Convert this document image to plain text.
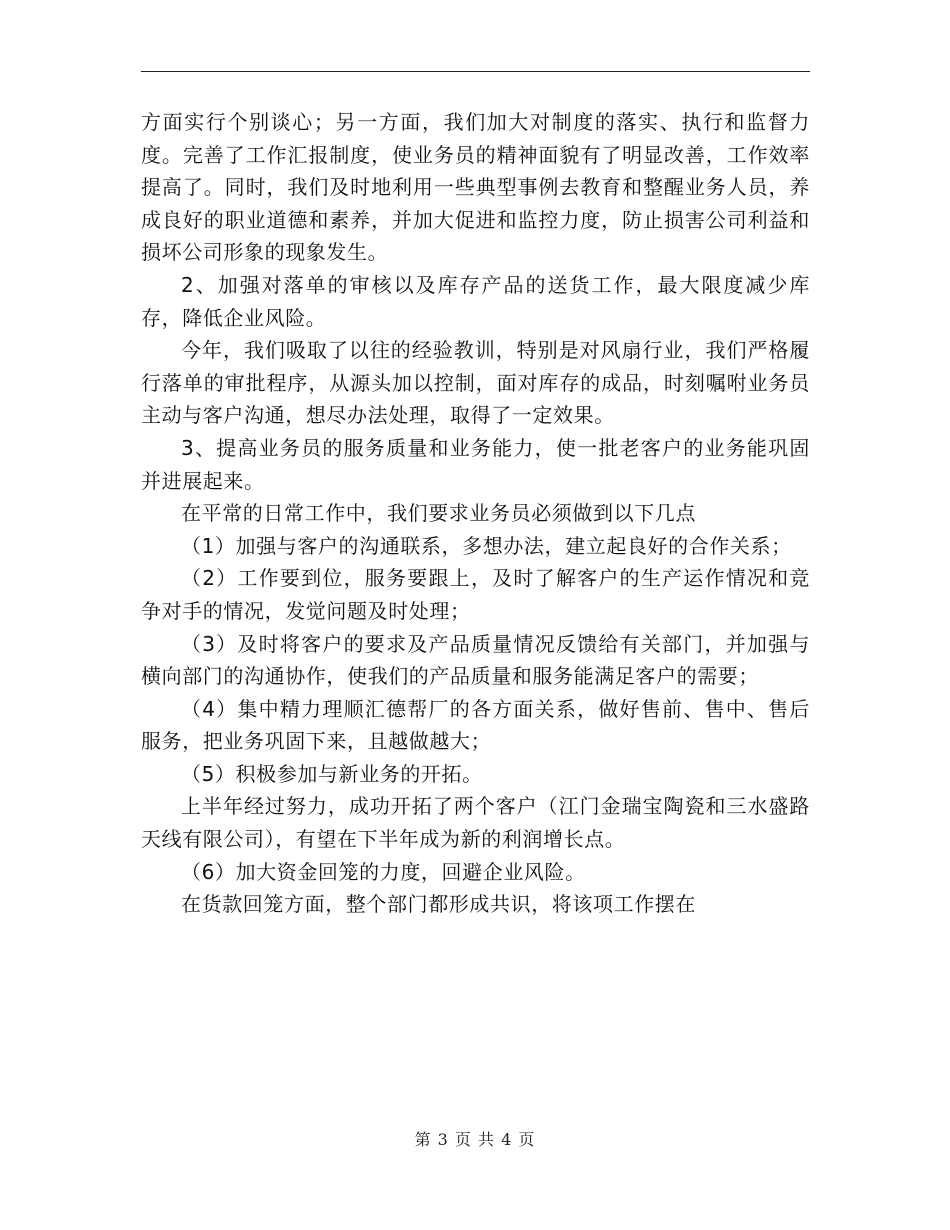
方面实行个别谈心；另一方面，我们加大对制度的落实、执行和监督力度。完善了工作汇报制度，使业务员的精神面貌有了明显改善，工作效率提高了。同时，我们及时地利用一些典型事例去教育和整醒业务人员，养成良好的职业道德和素养，并加大促进和监控力度，防止损害公司利益和损坏公司形象的现象发生。

2、加强对落单的审核以及库存产品的送货工作，最大限度减少库存，降低企业风险。

今年，我们吸取了以往的经验教训，特别是对风扇行业，我们严格履行落单的审批程序，从源头加以控制，面对库存的成品，时刻嘱咐业务员主动与客户沟通，想尽办法处理，取得了一定效果。

3、提高业务员的服务质量和业务能力，使一批老客户的业务能巩固并进展起来。

在平常的日常工作中，我们要求业务员必须做到以下几点

（1）加强与客户的沟通联系，多想办法，建立起良好的合作关系；

（2）工作要到位，服务要跟上，及时了解客户的生产运作情况和竞争对手的情况，发觉问题及时处理；

（3）及时将客户的要求及产品质量情况反馈给有关部门，并加强与横向部门的沟通协作，使我们的产品质量和服务能满足客户的需要；

（4）集中精力理顺汇德帮厂的各方面关系，做好售前、售中、售后服务，把业务巩固下来，且越做越大；

（5）积极参加与新业务的开拓。

上半年经过努力，成功开拓了两个客户（江门金瑞宝陶瓷和三水盛路天线有限公司），有望在下半年成为新的利润增长点。

（6）加大资金回笼的力度，回避企业风险。

在货款回笼方面，整个部门都形成共识，将该项工作摆在

第 3 页 共 4 页
